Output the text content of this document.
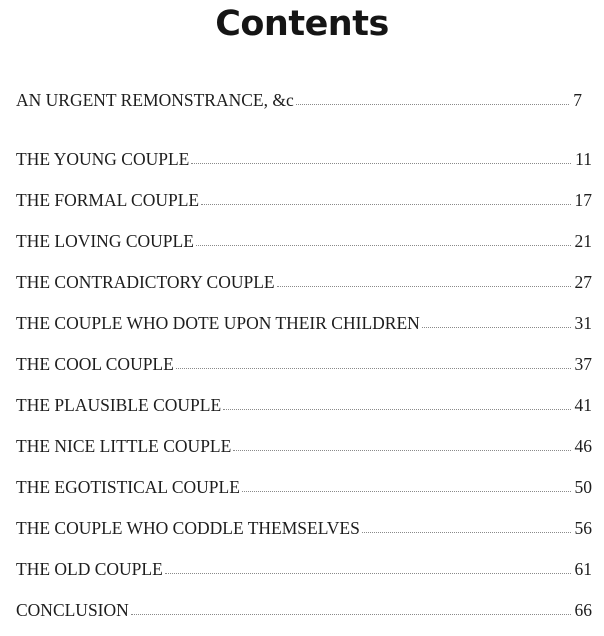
Contents
AN URGENT REMONSTRANCE, &c	7
THE YOUNG COUPLE	11
THE FORMAL COUPLE	17
THE LOVING COUPLE	21
THE CONTRADICTORY COUPLE	27
THE COUPLE WHO DOTE UPON THEIR CHILDREN	31
THE COOL COUPLE	37
THE PLAUSIBLE COUPLE	41
THE NICE LITTLE COUPLE	46
THE EGOTISTICAL COUPLE	50
THE COUPLE WHO CODDLE THEMSELVES	56
THE OLD COUPLE	61
CONCLUSION	66
